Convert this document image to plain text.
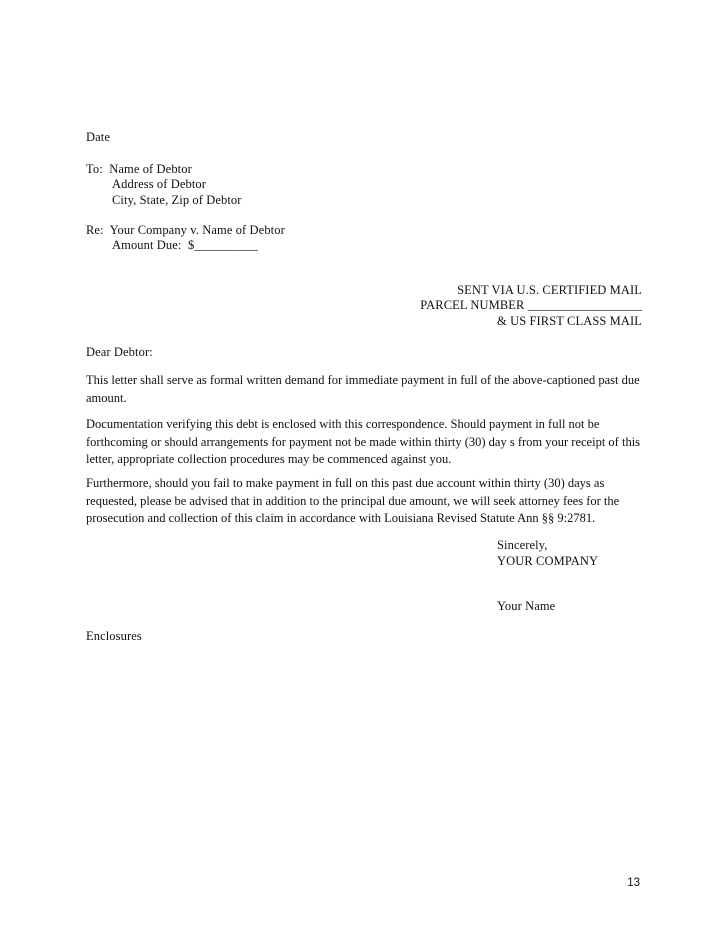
Date
To:  Name of Debtor
Address of Debtor
City, State, Zip of Debtor
Re:  Your Company v. Name of Debtor
Amount Due:  $__________
SENT VIA U.S. CERTIFIED MAIL
PARCEL NUMBER __________________
& US FIRST CLASS MAIL
Dear Debtor:
This letter shall serve as formal written demand for immediate payment in full of the above-captioned past due amount.
Documentation verifying this debt is enclosed with this correspondence. Should payment in full not be forthcoming or should arrangements for payment not be made within thirty (30) day s from your receipt of this letter, appropriate collection procedures may be commenced against you.
Furthermore, should you fail to make payment in full on this past due account within thirty (30) days as requested, please be advised that in addition to the principal due amount, we will seek attorney fees for the prosecution and collection of this claim in accordance with Louisiana Revised Statute Ann §§ 9:2781.
Sincerely,
YOUR COMPANY
Your Name
Enclosures
13
